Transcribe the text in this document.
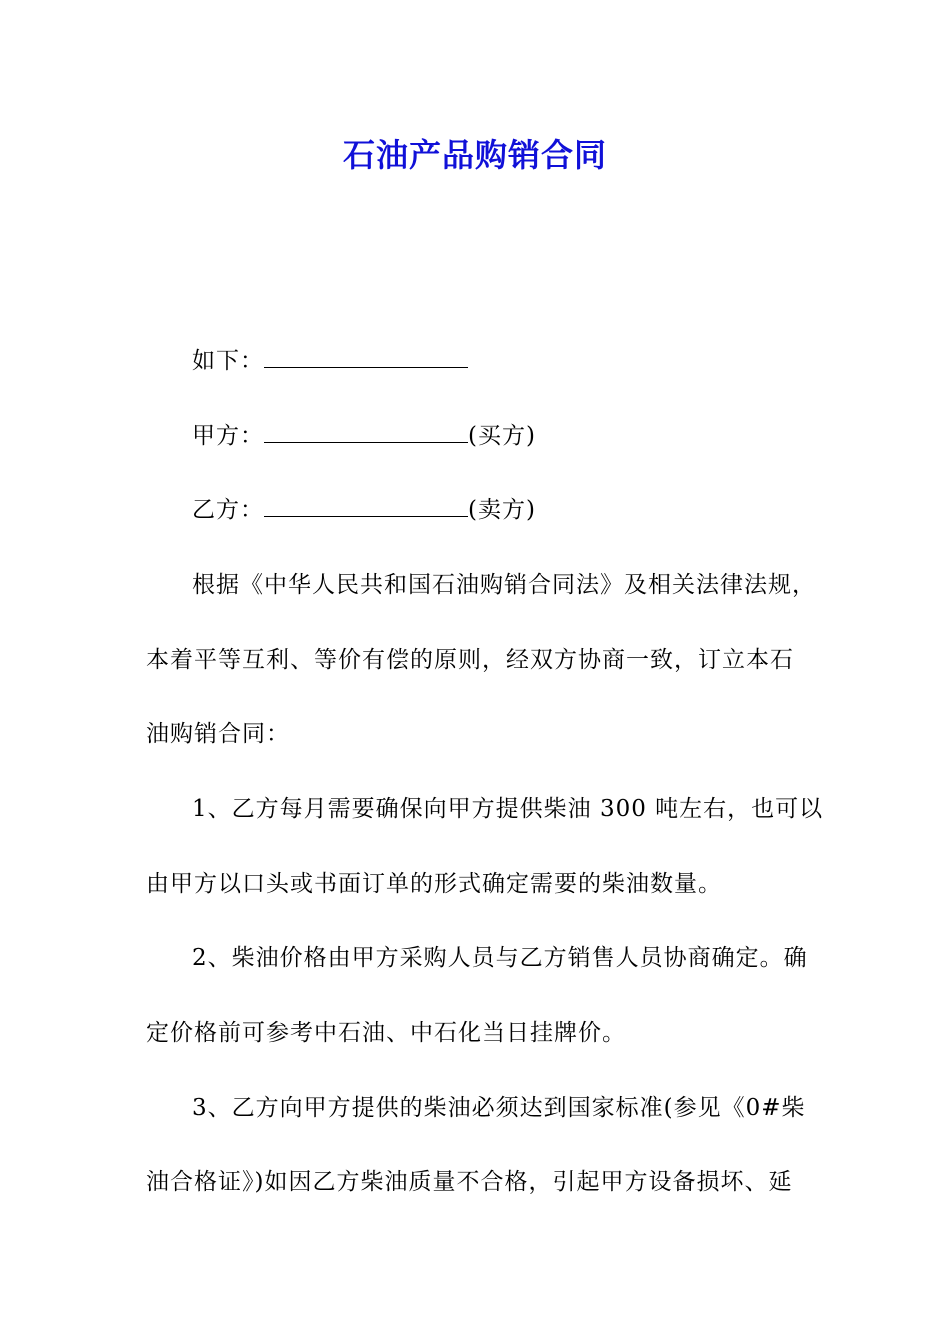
石油产品购销合同
如下：
甲方：	(买方)
乙方：	(卖方)
根据《中华人民共和国石油购销合同法》及相关法律法规，
本着平等互利、等价有偿的原则，经双方协商一致，订立本石
油购销合同：
1、乙方每月需要确保向甲方提供柴油 300 吨左右，也可以
由甲方以口头或书面订单的形式确定需要的柴油数量。
2、柴油价格由甲方采购人员与乙方销售人员协商确定。确
定价格前可参考中石油、中石化当日挂牌价。
3、乙方向甲方提供的柴油必须达到国家标准(参见《0#柴
油合格证》)如因乙方柴油质量不合格，引起甲方设备损坏、延
